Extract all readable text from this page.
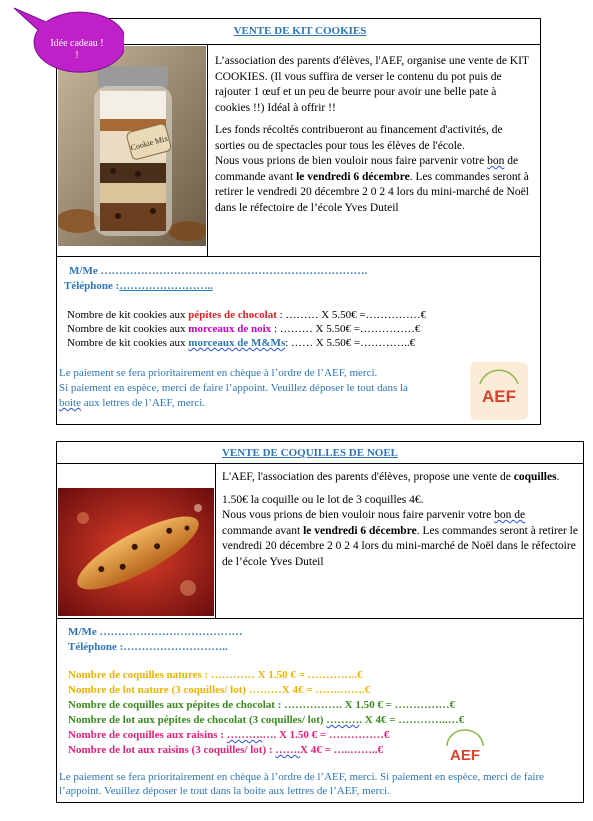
VENTE DE KIT COOKIES
Cookie Mix

L’association des parents d'élèves, l'AEF, organise une vente de KIT COOKIES. (Il vous suffira de verser le contenu du pot puis de rajouter 1 œuf et un peu de beurre pour avoir une belle pate à cookies !!) Idéal à offrir !!

Les fonds récoltés contribueront au financement d'activités, de sorties ou de spectacles pour tous les élèves de l'école.

Nous vous prions de bien vouloir nous faire parvenir votre bon de commande avant le vendredi 6 décembre. Les commandes seront à retirer le vendredi 20 décembre 2 0 2 4 lors du mini-marché de Noël dans le réfectoire de l’école Yves Duteil

M/Me ……………………………………………………………….
Téléphone :……………………..
Nombre de kit cookies aux pépites de chocolat : ……… X 5.50€ =……………€
Nombre de kit cookies aux morceaux de noix : ……… X 5.50€ =……………€
Nombre de kit cookies aux morceaux de M&Ms: …… X 5.50€ =…………..€
Le paiement se fera prioritairement en chèque à l’ordre de l’AEF, merci.
Si paiement en espèce, merci de faire l’appoint. Veuillez déposer le tout dans la
boite aux lettres de l’AEF, merci.	AEF
Idée cadeau ! !
VENTE DE COQUILLES DE NOEL

L'AEF, l'association des parents d'élèves, propose une vente de coquilles.

1.50€ la coquille ou le lot de 3 coquilles 4€.

Nous vous prions de bien vouloir nous faire parvenir votre bon de commande avant le vendredi 6 décembre. Les commandes seront à retirer le vendredi 20 décembre 2 0 2 4 lors du mini-marché de Noël dans le réfectoire de l’école Yves Duteil

M/Me …………………………………
Téléphone :………………………..
Nombre de coquilles natures : ………… X 1.50 € = …………..€
Nombre de lot nature (3 coquilles/ lot) ………X 4€ = …….…….€
Nombre de coquilles aux pépites de chocolat : ……………. X 1.50 € = ……………€
Nombre de lot aux pépites de chocolat (3 coquilles/ lot) ………. X 4€ = …………..…€
Nombre de coquilles aux raisins : ……….…. X 1.50 € = ……………€
Nombre de lot aux raisins (3 coquilles/ lot) : …….X 4€ = …..……..€	AEF
Le paiement se fera prioritairement en chèque à l’ordre de l’AEF, merci. Si paiement en espèce, merci de faire l’appoint. Veuillez déposer le tout dans la boite aux lettres de l’AEF, merci.
